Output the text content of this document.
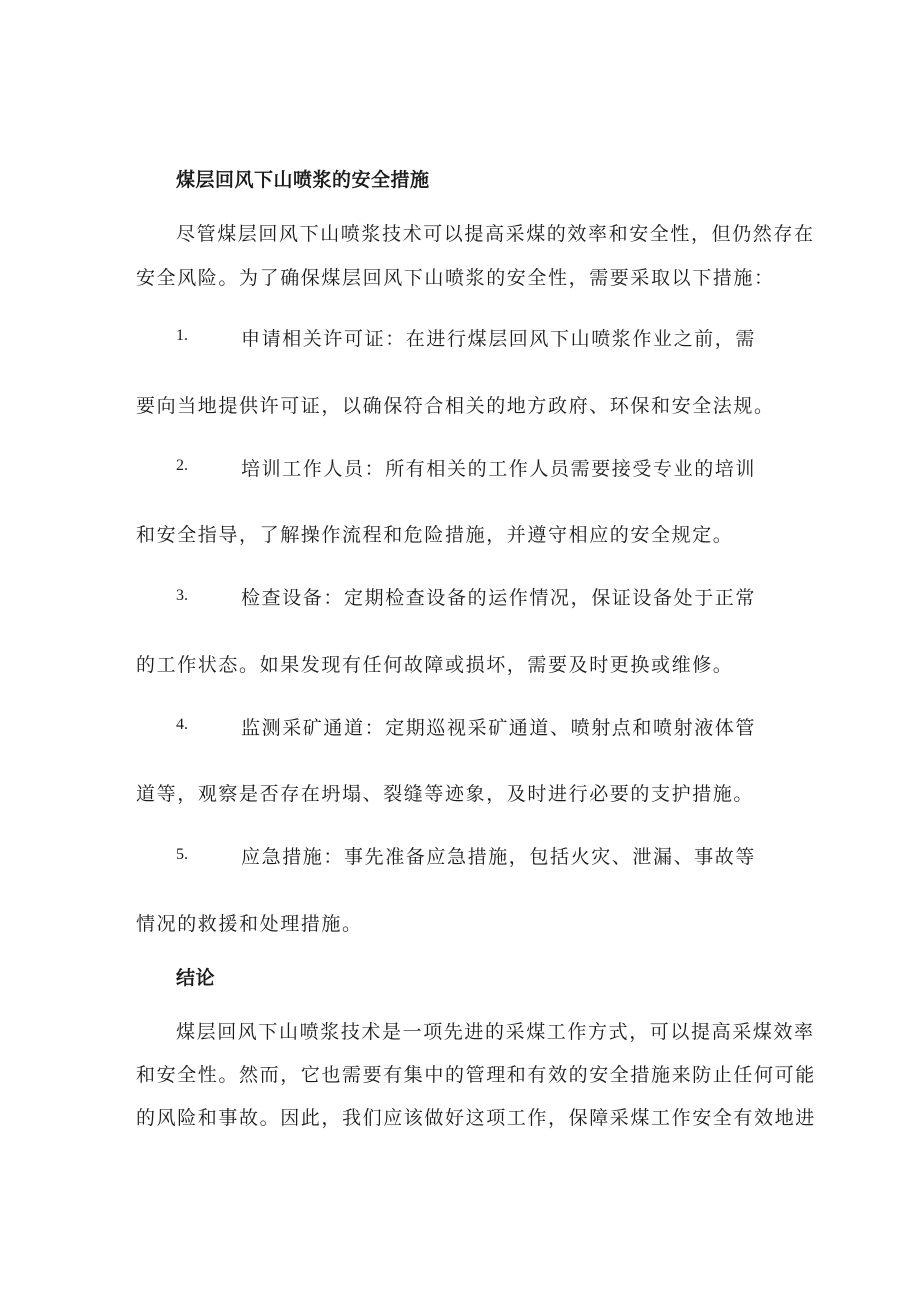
煤层回风下山喷浆的安全措施
尽管煤层回风下山喷浆技术可以提高采煤的效率和安全性，但仍然存在
安全风险。为了确保煤层回风下山喷浆的安全性，需要采取以下措施：
1.	申请相关许可证：在进行煤层回风下山喷浆作业之前，需
要向当地提供许可证，以确保符合相关的地方政府、环保和安全法规。
2.	培训工作人员：所有相关的工作人员需要接受专业的培训
和安全指导，了解操作流程和危险措施，并遵守相应的安全规定。
3.	检查设备：定期检查设备的运作情况，保证设备处于正常
的工作状态。如果发现有任何故障或损坏，需要及时更换或维修。
4.	监测采矿通道：定期巡视采矿通道、喷射点和喷射液体管
道等，观察是否存在坍塌、裂缝等迹象，及时进行必要的支护措施。
5.	应急措施：事先准备应急措施，包括火灾、泄漏、事故等
情况的救援和处理措施。
结论
煤层回风下山喷浆技术是一项先进的采煤工作方式，可以提高采煤效率
和安全性。然而，它也需要有集中的管理和有效的安全措施来防止任何可能
的风险和事故。因此，我们应该做好这项工作，保障采煤工作安全有效地进
